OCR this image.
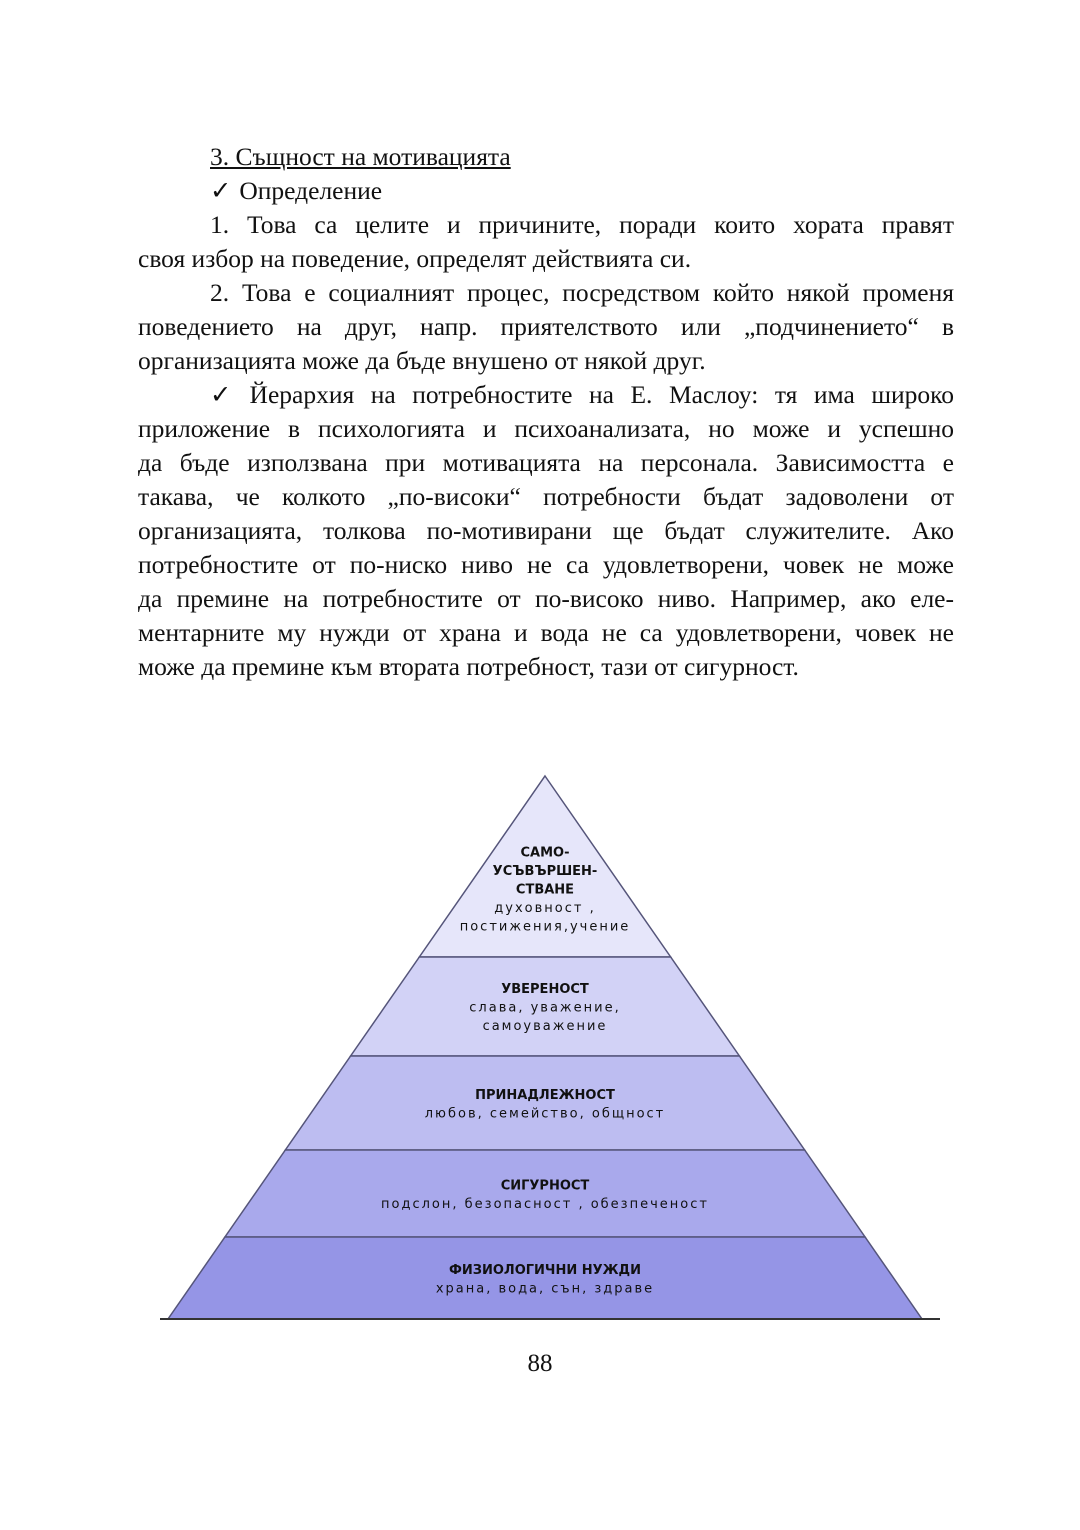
3. Същност на мотивацията
✓ Определение
1. Това са целите и причините, поради които хората правят
своя избор на поведение, определят действията си.
2. Това е социалният процес, посредством който някой променя
поведението на друг, напр. приятелството или „подчинението“ в
организацията може да бъде внушено от някой друг.
✓ Йерархия на потребностите на Е. Маслоу: тя има широко
приложение в психологията и психоанализата, но може и успешно
да бъде използвана при мотивацията на персонала. Зависимостта е
такава, че колкото „по-високи“ потребности бъдат задоволени от
организацията, толкова по-мотивирани ще бъдат служителите. Ако
потребностите от по-ниско ниво не са удовлетворени, човек не може
да премине на потребностите от по-високо ниво. Например, ако еле-
ментарните му нужди от храна и вода не са удовлетворени, човек не
може да премине към втората потребност, тази от сигурност.
САМО-
УСЪВЪРШЕН-
СТВАНЕ
духовност ,
постижения,учение
УВЕРЕНОСТ
слава, уважение,
самоуважение
ПРИНАДЛЕЖНОСТ
любов, семейство, общност
СИГУРНОСТ
подслон, безопасност , обезпеченост
ФИЗИОЛОГИЧНИ НУЖДИ
храна, вода, сън, здраве
88
